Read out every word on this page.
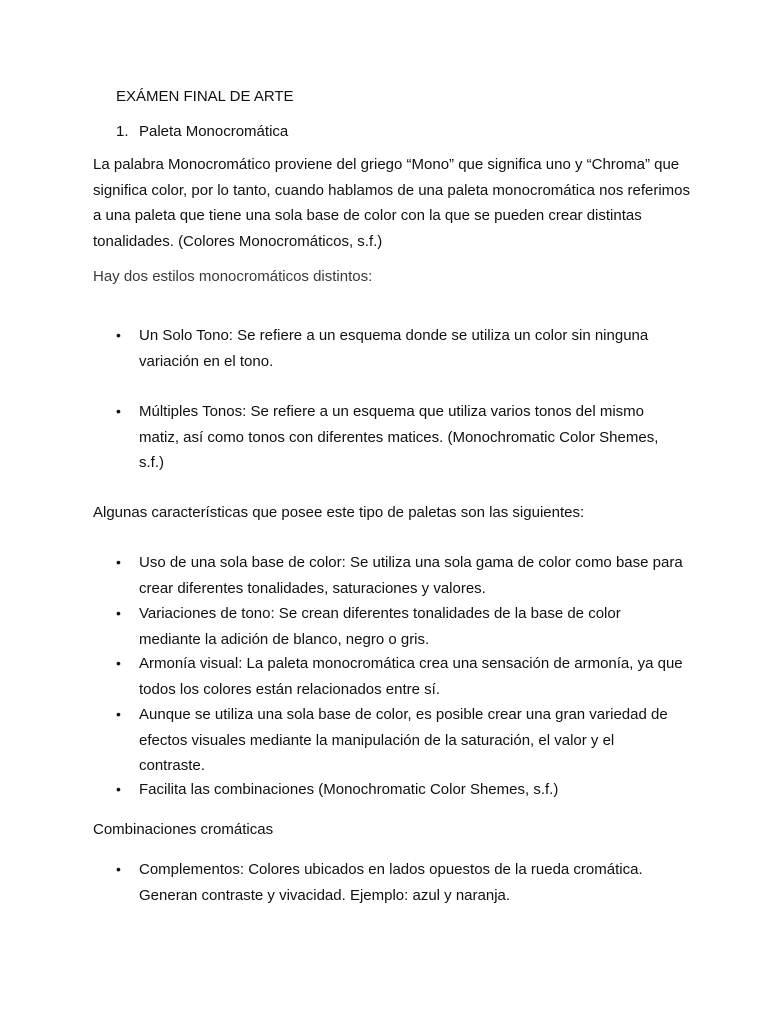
EXÁMEN FINAL DE ARTE
1. Paleta Monocromática

La palabra Monocromático proviene del griego “Mono” que significa uno y “Chroma” que significa color, por lo tanto, cuando hablamos de una paleta monocromática nos referimos a una paleta que tiene una sola base de color con la que se pueden crear distintas tonalidades. (Colores Monocromáticos, s.f.)

Hay dos estilos monocromáticos distintos:
• Un Solo Tono: Se refiere a un esquema donde se utiliza un color sin ninguna variación en el tono.
• Múltiples Tonos: Se refiere a un esquema que utiliza varios tonos del mismo matiz, así como tonos con diferentes matices. (Monochromatic Color Shemes, s.f.)
Algunas características que posee este tipo de paletas son las siguientes:
• Uso de una sola base de color: Se utiliza una sola gama de color como base para crear diferentes tonalidades, saturaciones y valores.
• Variaciones de tono: Se crean diferentes tonalidades de la base de color mediante la adición de blanco, negro o gris.
• Armonía visual: La paleta monocromática crea una sensación de armonía, ya que todos los colores están relacionados entre sí.
• Aunque se utiliza una sola base de color, es posible crear una gran variedad de efectos visuales mediante la manipulación de la saturación, el valor y el contraste.
• Facilita las combinaciones (Monochromatic Color Shemes, s.f.)
Combinaciones cromáticas
• Complementos: Colores ubicados en lados opuestos de la rueda cromática. Generan contraste y vivacidad. Ejemplo: azul y naranja.
